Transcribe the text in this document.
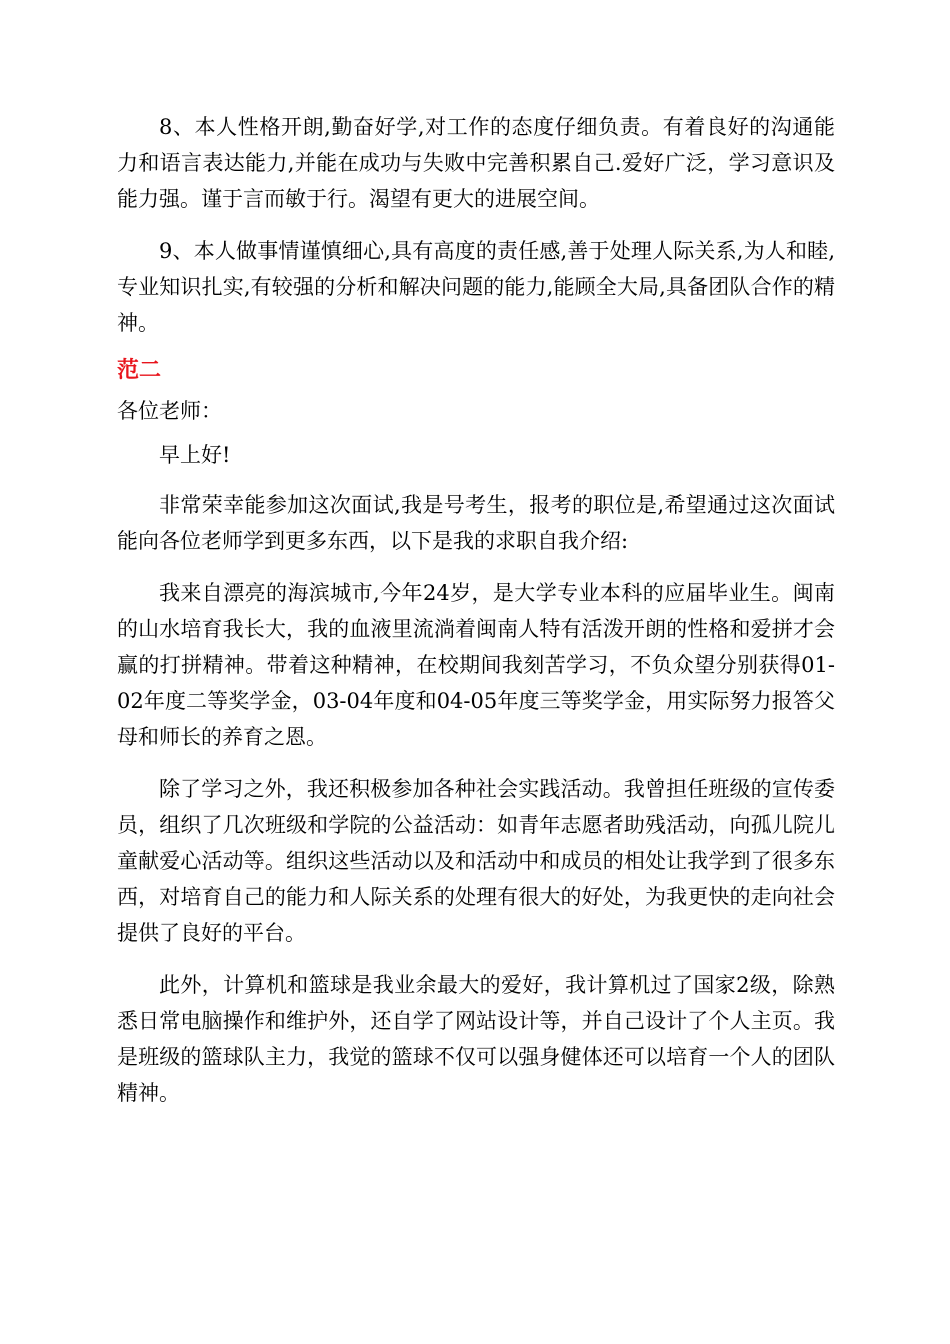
8、本人性格开朗,勤奋好学,对工作的态度仔细负责。有着良好的沟通能力和语言表达能力,并能在成功与失败中完善积累自己.爱好广泛，学习意识及能力强。谨于言而敏于行。渴望有更大的进展空间。

9、本人做事情谨慎细心,具有高度的责任感,善于处理人际关系,为人和睦,专业知识扎实,有较强的分析和解决问题的能力,能顾全大局,具备团队合作的精神。

范二
各位老师：
早上好!

非常荣幸能参加这次面试,我是号考生，报考的职位是,希望通过这次面试能向各位老师学到更多东西，以下是我的求职自我介绍:

我来自漂亮的海滨城市,今年24岁，是大学专业本科的应届毕业生。闽南的山水培育我长大，我的血液里流淌着闽南人特有活泼开朗的性格和爱拼才会赢的打拼精神。带着这种精神，在校期间我刻苦学习，不负众望分别获得01-02年度二等奖学金，03-04年度和04-05年度三等奖学金，用实际努力报答父母和师长的养育之恩。

除了学习之外，我还积极参加各种社会实践活动。我曾担任班级的宣传委员，组织了几次班级和学院的公益活动：如青年志愿者助残活动，向孤儿院儿童献爱心活动等。组织这些活动以及和活动中和成员的相处让我学到了很多东西，对培育自己的能力和人际关系的处理有很大的好处，为我更快的走向社会提供了良好的平台。

此外，计算机和篮球是我业余最大的爱好，我计算机过了国家2级，除熟悉日常电脑操作和维护外，还自学了网站设计等，并自己设计了个人主页。我是班级的篮球队主力，我觉的篮球不仅可以强身健体还可以培育一个人的团队精神。
